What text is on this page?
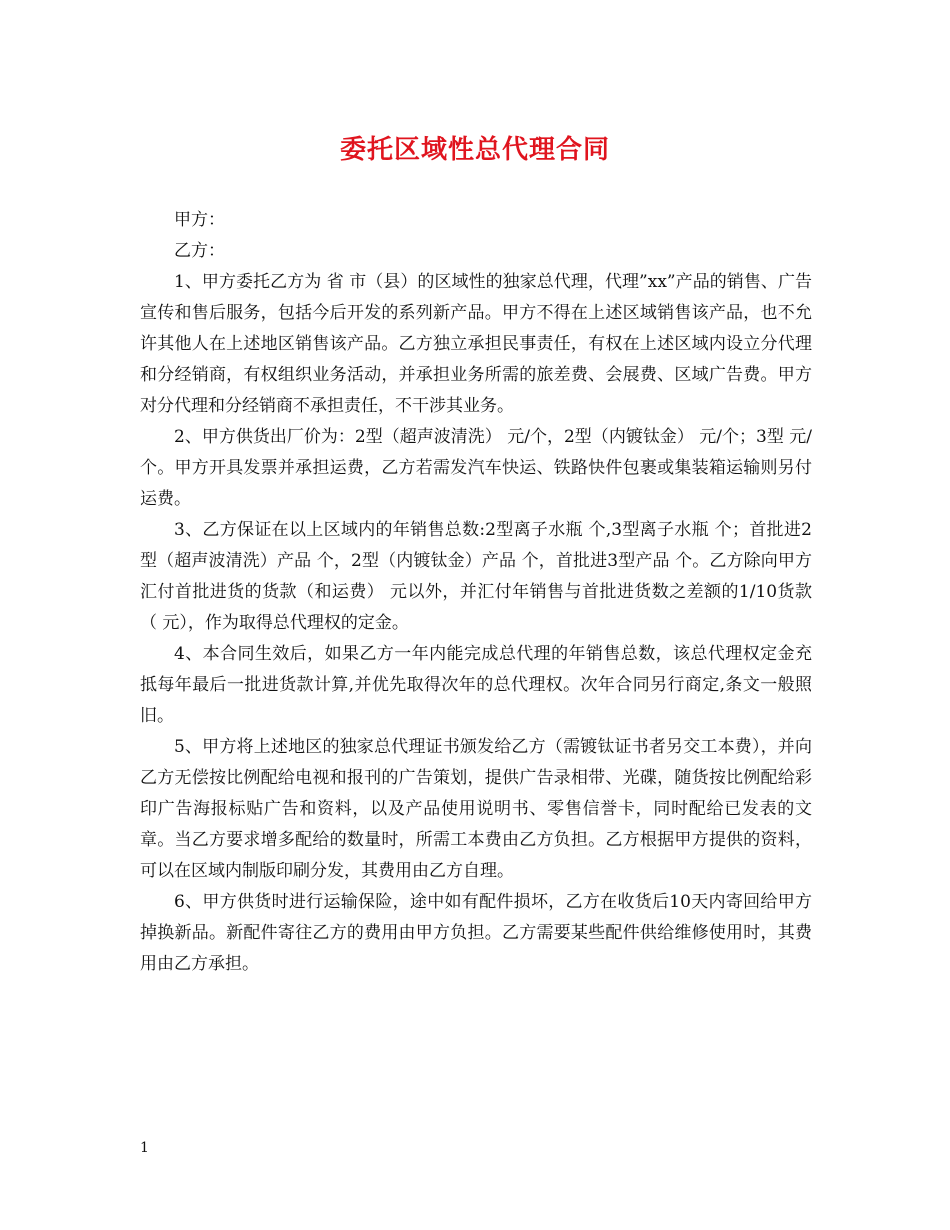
委托区域性总代理合同

甲方：

乙方：

1、甲方委托乙方为 省 市（县）的区域性的独家总代理，代理”xx”产品的销售、广告宣传和售后服务，包括今后开发的系列新产品。甲方不得在上述区域销售该产品，也不允许其他人在上述地区销售该产品。乙方独立承担民事责任，有权在上述区域内设立分代理和分经销商，有权组织业务活动，并承担业务所需的旅差费、会展费、区域广告费。甲方对分代理和分经销商不承担责任，不干涉其业务。

2、甲方供货出厂价为：2型（超声波清洗） 元/个，2型（内镀钛金） 元/个；3型 元/个。甲方开具发票并承担运费，乙方若需发汽车快运、铁路快件包裹或集装箱运输则另付运费。

3、乙方保证在以上区域内的年销售总数:2型离子水瓶 个,3型离子水瓶 个；首批进2型（超声波清洗）产品 个，2型（内镀钛金）产品 个，首批进3型产品 个。乙方除向甲方汇付首批进货的货款（和运费） 元以外，并汇付年销售与首批进货数之差额的1/10货款（ 元），作为取得总代理权的定金。

4、本合同生效后，如果乙方一年内能完成总代理的年销售总数，该总代理权定金充抵每年最后一批进货款计算,并优先取得次年的总代理权。次年合同另行商定,条文一般照旧。

5、甲方将上述地区的独家总代理证书颁发给乙方（需镀钛证书者另交工本费），并向乙方无偿按比例配给电视和报刊的广告策划，提供广告录相带、光碟，随货按比例配给彩印广告海报标贴广告和资料，以及产品使用说明书、零售信誉卡，同时配给已发表的文章。当乙方要求增多配给的数量时，所需工本费由乙方负担。乙方根据甲方提供的资料，可以在区域内制版印刷分发，其费用由乙方自理。

6、甲方供货时进行运输保险，途中如有配件损坏，乙方在收货后10天内寄回给甲方掉换新品。新配件寄往乙方的费用由甲方负担。乙方需要某些配件供给维修使用时，其费用由乙方承担。

1
